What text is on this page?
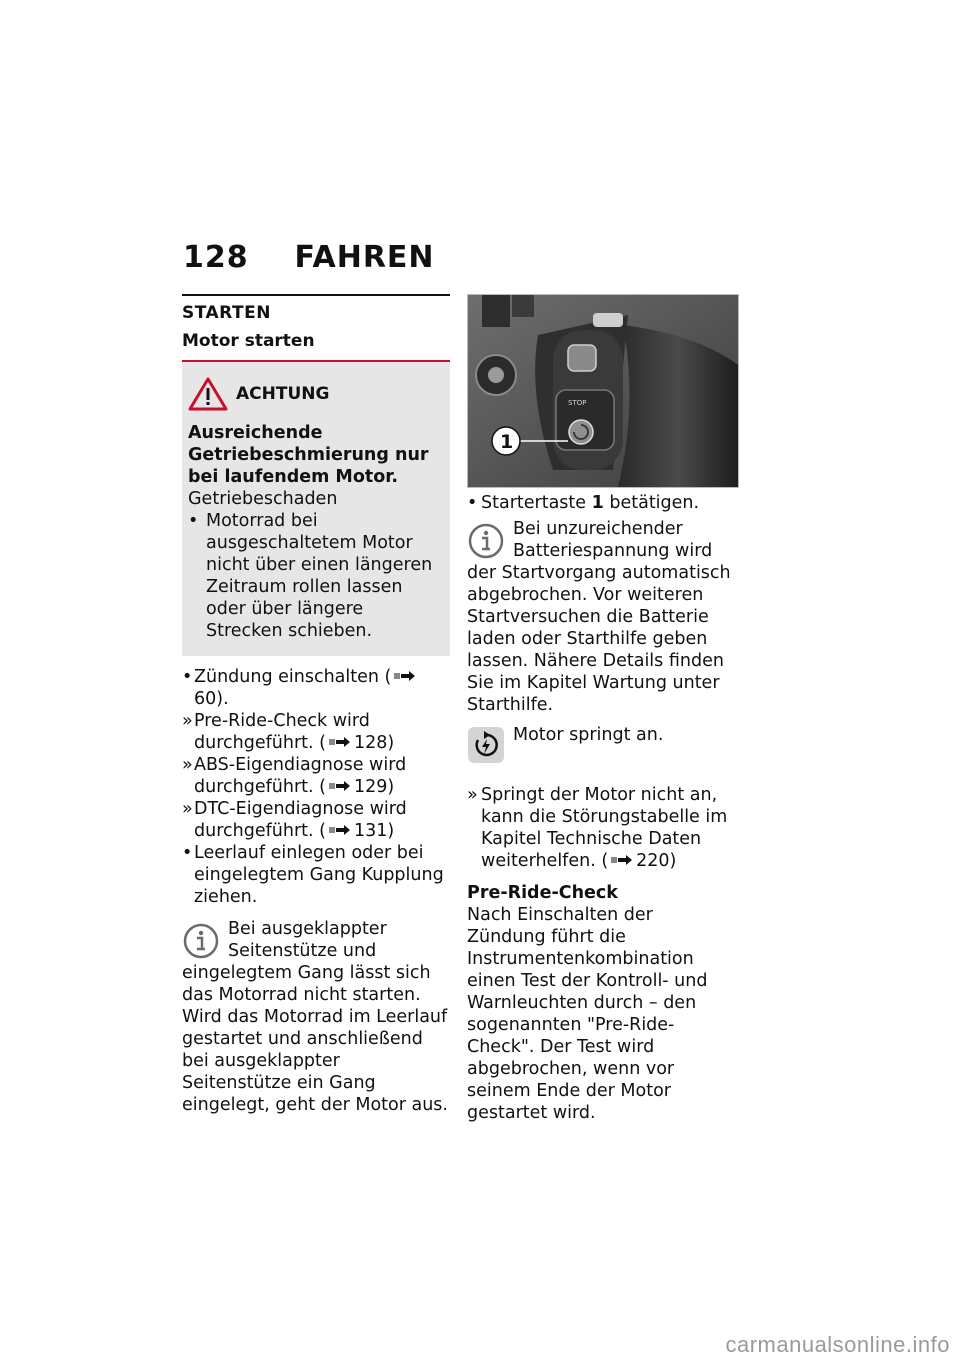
128 FAHREN
STARTEN
Motor starten
ACHTUNG
Ausreichende Getriebeschmierung nur bei laufendem Motor.
Getriebeschaden
• Motorrad bei ausgeschaltetem Motor nicht über einen längeren Zeitraum rollen lassen oder über längere Strecken schieben.
• Zündung einschalten (60).
» Pre-Ride-Check wird durchgeführt. ( 128)
» ABS-Eigendiagnose wird durchgeführt. ( 129)
» DTC-Eigendiagnose wird durchgeführt. ( 131)
• Leerlauf einlegen oder bei eingelegtem Gang Kupplung ziehen.
Bei ausgeklappter Seitenstütze und eingelegtem Gang lässt sich das Motorrad nicht starten. Wird das Motorrad im Leerlauf gestartet und anschließend bei ausgeklappter Seitenstütze ein Gang eingelegt, geht der Motor aus.
STOP
1
• Startertaste 1 betätigen.
Bei unzureichender Batteriespannung wird der Startvorgang automatisch abgebrochen. Vor weiteren Startversuchen die Batterie laden oder Starthilfe geben lassen. Nähere Details finden Sie im Kapitel Wartung unter Starthilfe.
Motor springt an.
» Springt der Motor nicht an, kann die Störungstabelle im Kapitel Technische Daten weiterhelfen. ( 220)
Pre-Ride-Check
Nach Einschalten der Zündung führt die Instrumentenkombination einen Test der Kontroll- und Warnleuchten durch – den sogenannten "Pre-Ride-Check". Der Test wird abgebrochen, wenn vor seinem Ende der Motor gestartet wird.
carmanualsonline.info
